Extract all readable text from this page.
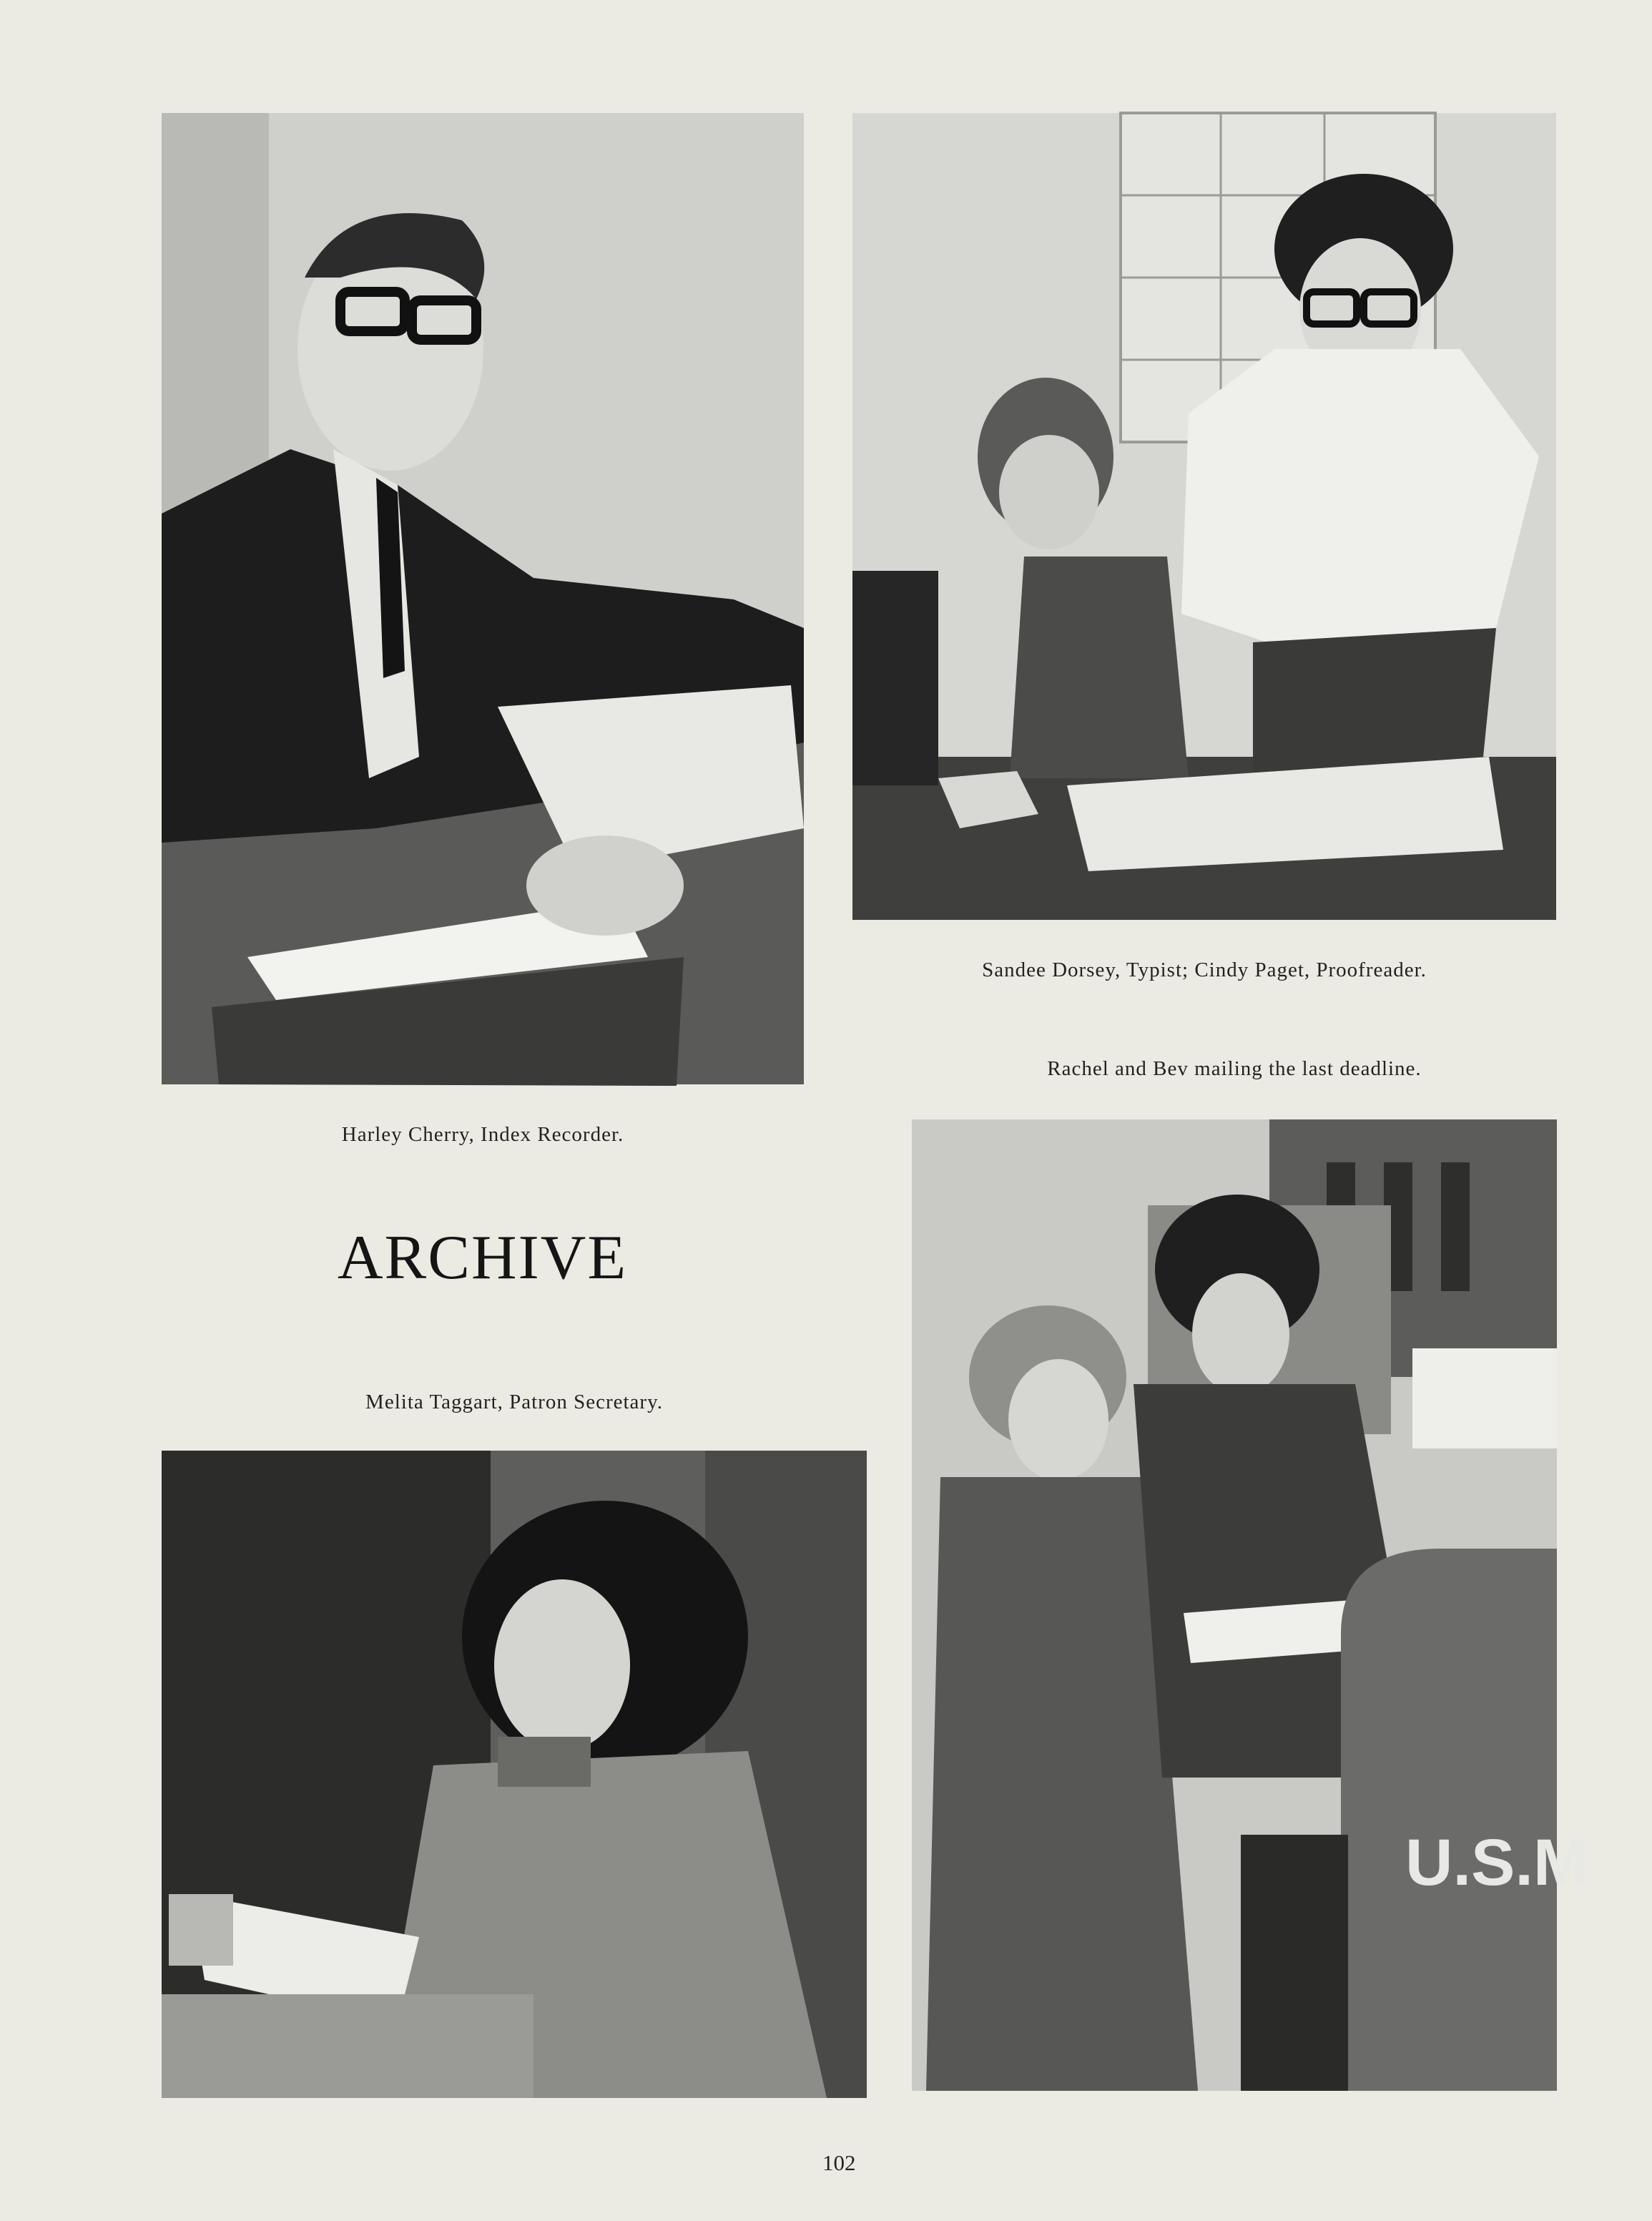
U.S.M
Sandee Dorsey, Typist; Cindy Paget, Proofreader.
Rachel and Bev mailing the last deadline.
Harley Cherry, Index Recorder.
Melita Taggart, Patron Secretary.
ARCHIVE
102
